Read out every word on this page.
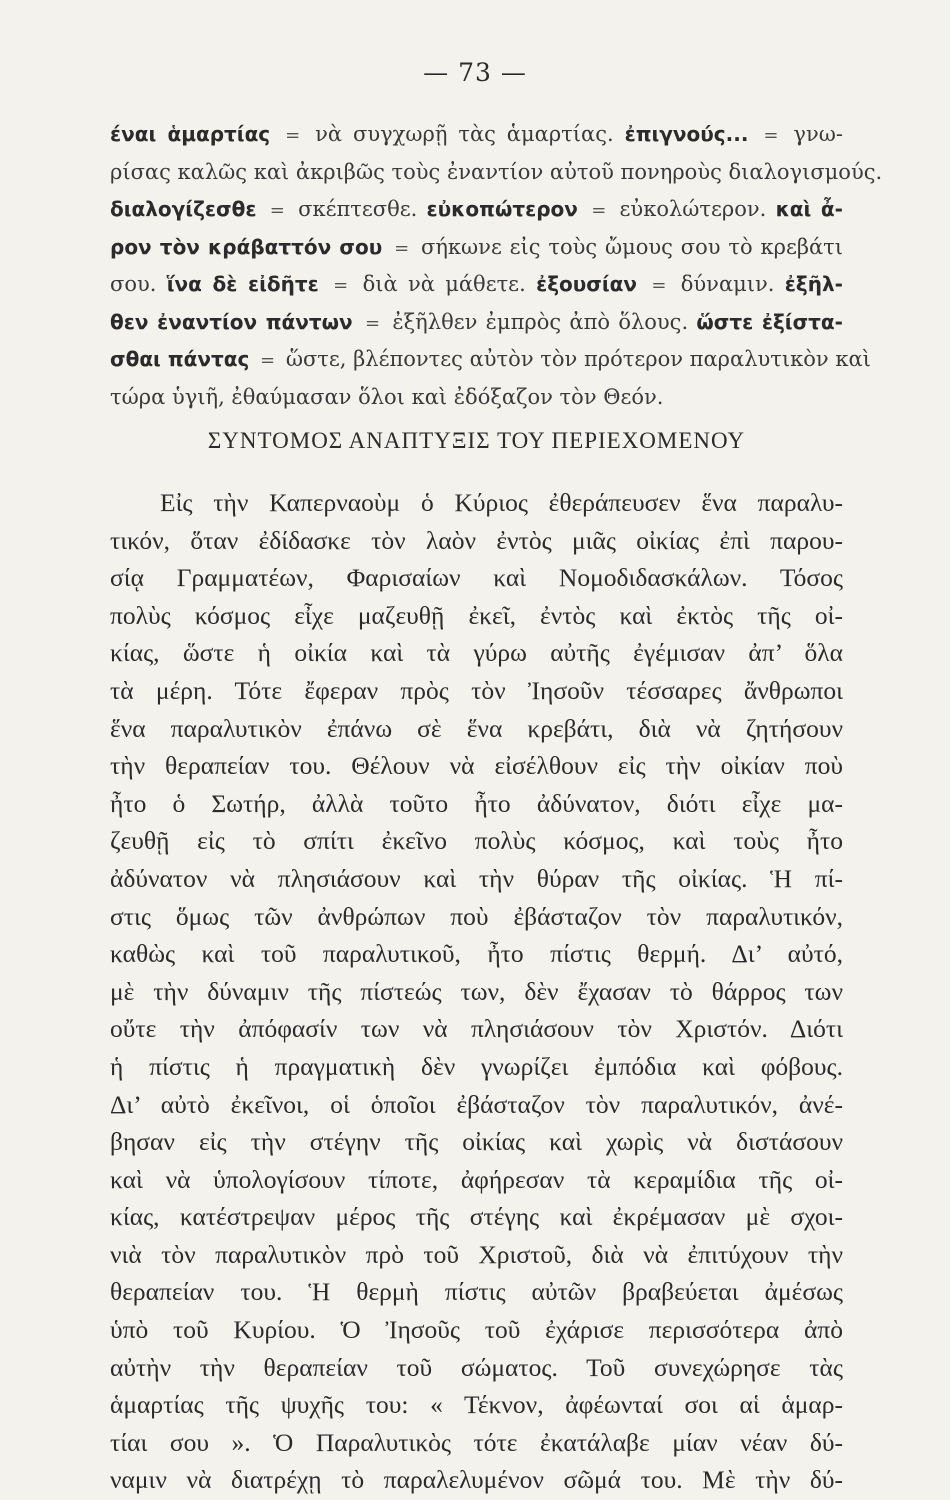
— 73 —
έναι ἁμαρτίας = νὰ συγχωρῇ τὰς ἁμαρτίας. ἐπιγνούς... = γνω-
ρίσας καλῶς καὶ ἀκριβῶς τοὺς ἐναντίον αὐτοῦ πονηροὺς διαλογισμούς.
διαλογίζεσθε = σκέπτεσθε. εὐκοπώτερον = εὐκολώτερον. καὶ ἆ-
ρον τὸν κράβαττόν σου = σήκωνε εἰς τοὺς ὤμους σου τὸ κρεβάτι
σου. ἵνα δὲ εἰδῆτε = διὰ νὰ μάθετε. ἐξουσίαν = δύναμιν. ἐξῆλ-
θεν ἐναντίον πάντων = ἐξῆλθεν ἐμπρὸς ἀπὸ ὅλους. ὥστε ἐξίστα-
σθαι πάντας = ὥστε, βλέποντες αὐτὸν τὸν πρότερον παραλυτικὸν καὶ
τώρα ὑγιῆ, ἐθαύμασαν ὅλοι καὶ ἐδόξαζον τὸν Θεόν.
ΣΥΝΤΟΜΟΣ ΑΝΑΠΤΥΞΙΣ ΤΟΥ ΠΕΡΙΕΧΟΜΕΝΟΥ
Εἰς τὴν Καπερναοὺμ ὁ Κύριος ἐθεράπευσεν ἕνα παραλυ-
τικόν, ὅταν ἐδίδασκε τὸν λαὸν ἐντὸς μιᾶς οἰκίας ἐπὶ παρου-
σίᾳ Γραμματέων, Φαρισαίων καὶ Νομοδιδασκάλων. Τόσος
πολὺς κόσμος εἶχε μαζευθῇ ἐκεῖ, ἐντὸς καὶ ἐκτὸς τῆς οἰ-
κίας, ὥστε ἡ οἰκία καὶ τὰ γύρω αὐτῆς ἐγέμισαν ἀπ’ ὅλα
τὰ μέρη. Τότε ἔφεραν πρὸς τὸν Ἰησοῦν τέσσαρες ἄνθρωποι
ἕνα παραλυτικὸν ἐπάνω σὲ ἕνα κρεβάτι, διὰ νὰ ζητήσουν
τὴν θεραπείαν του. Θέλουν νὰ εἰσέλθουν εἰς τὴν οἰκίαν ποὺ
ἦτο ὁ Σωτήρ, ἀλλὰ τοῦτο ἦτο ἀδύνατον, διότι εἶχε μα-
ζευθῇ εἰς τὸ σπίτι ἐκεῖνο πολὺς κόσμος, καὶ τοὺς ἦτο
ἀδύνατον νὰ πλησιάσουν καὶ τὴν θύραν τῆς οἰκίας. Ἡ πί-
στις ὅμως τῶν ἀνθρώπων ποὺ ἐβάσταζον τὸν παραλυτικόν,
καθὼς καὶ τοῦ παραλυτικοῦ, ἦτο πίστις θερμή. Δι’ αὐτό,
μὲ τὴν δύναμιν τῆς πίστεώς των, δὲν ἔχασαν τὸ θάρρος των
οὔτε τὴν ἀπόφασίν των νὰ πλησιάσουν τὸν Χριστόν. Διότι
ἡ πίστις ἡ πραγματικὴ δὲν γνωρίζει ἐμπόδια καὶ φόβους.
Δι’ αὐτὸ ἐκεῖνοι, οἱ ὁποῖοι ἐβάσταζον τὸν παραλυτικόν, ἀνέ-
βησαν εἰς τὴν στέγην τῆς οἰκίας καὶ χωρὶς νὰ διστάσουν
καὶ νὰ ὑπολογίσουν τίποτε, ἀφήρεσαν τὰ κεραμίδια τῆς οἰ-
κίας, κατέστρεψαν μέρος τῆς στέγης καὶ ἐκρέμασαν μὲ σχοι-
νιὰ τὸν παραλυτικὸν πρὸ τοῦ Χριστοῦ, διὰ νὰ ἐπιτύχουν τὴν
θεραπείαν του. Ἡ θερμὴ πίστις αὐτῶν βραβεύεται ἀμέσως
ὑπὸ τοῦ Κυρίου. Ὁ Ἰησοῦς τοῦ ἐχάρισε περισσότερα ἀπὸ
αὐτὴν τὴν θεραπείαν τοῦ σώματος. Τοῦ συνεχώρησε τὰς
ἁμαρτίας τῆς ψυχῆς του: « Τέκνον, ἀφέωνταί σοι αἱ ἁμαρ-
τίαι σου ». Ὁ Παραλυτικὸς τότε ἐκατάλαβε μίαν νέαν δύ-
ναμιν νὰ διατρέχῃ τὸ παραλελυμένον σῶμά του. Μὲ τὴν δύ-
